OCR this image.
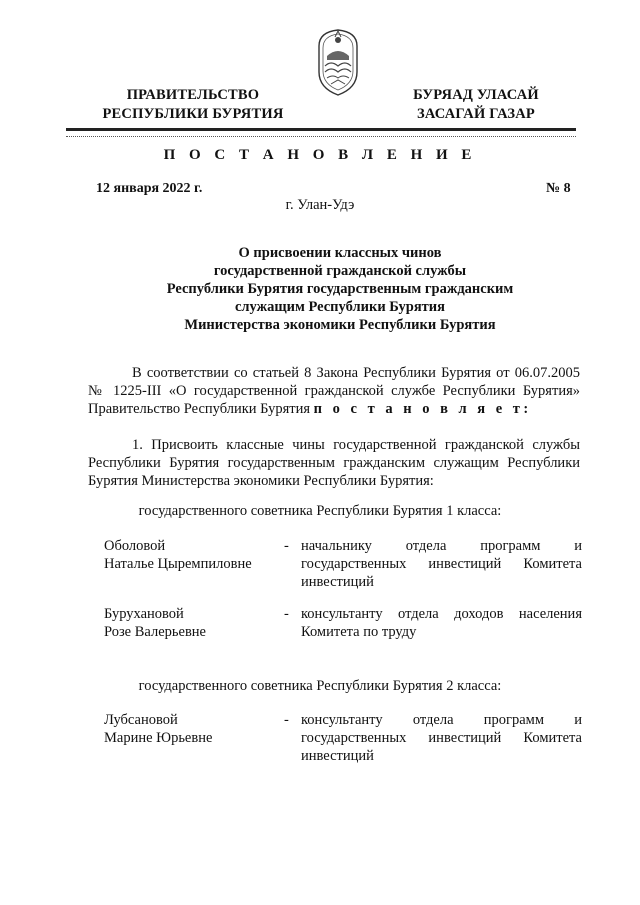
ПРАВИТЕЛЬСТВО
РЕСПУБЛИКИ БУРЯТИЯ
БУРЯАД УЛАСАЙ
ЗАСАГАЙ ГАЗАР
П О С Т А Н О В Л Е Н И Е
12 января 2022 г.	№ 8
г. Улан-Удэ
О присвоении классных чинов
государственной гражданской службы
Республики Бурятия государственным гражданским
служащим Республики Бурятия
Министерства экономики Республики Бурятия
В соответствии со статьей 8 Закона Республики Бурятия от 06.07.2005 № 1225-III «О государственной гражданской службе Республики Бурятия» Правительство Республики Бурятия п о с т а н о в л я е т:
1. Присвоить классные чины государственной гражданской службы Республики Бурятия государственным гражданским служащим Республики Бурятия Министерства экономики Республики Бурятия:
государственного советника Республики Бурятия 1 класса:
Оболовой
Наталье Цыремпиловне
- начальнику отдела программ и государственных инвестиций Комитета инвестиций
Бурухановой
Розе Валерьевне
- консультанту отдела доходов населения Комитета по труду
государственного советника Республики Бурятия 2 класса:
Лубсановой
Марине Юрьевне
- консультанту отдела программ и государственных инвестиций Комитета инвестиций
